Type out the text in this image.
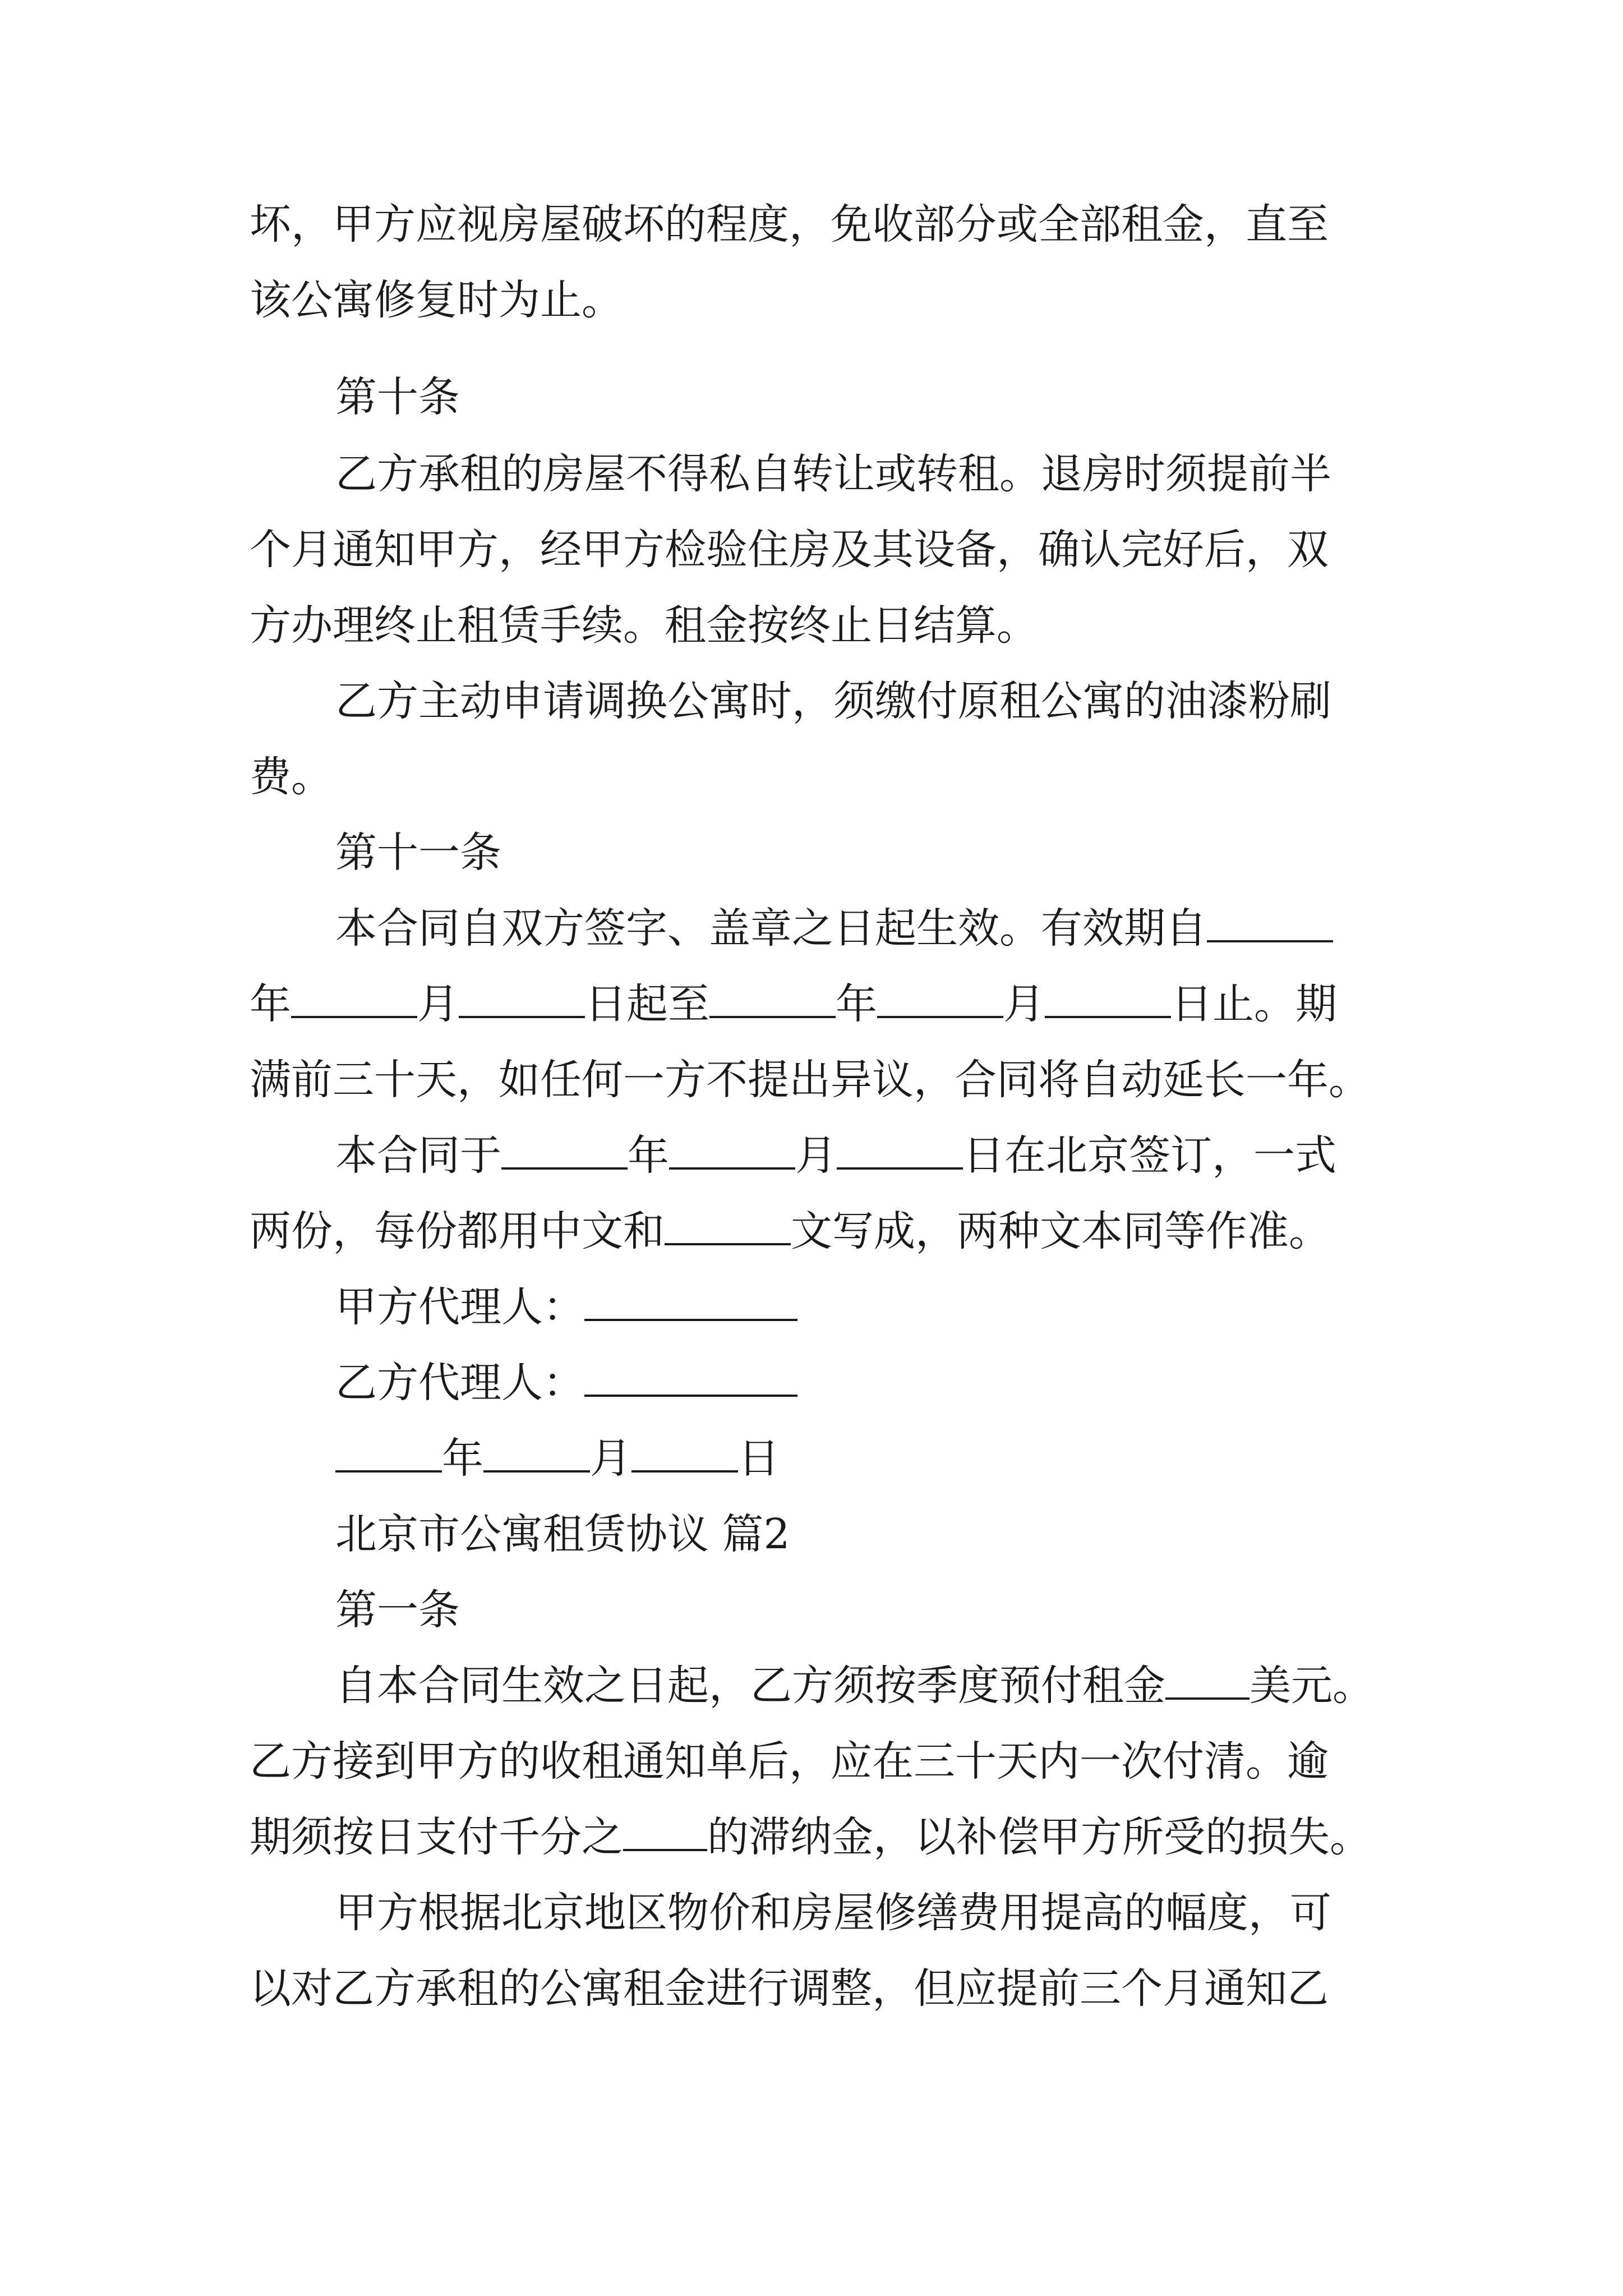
坏，甲方应视房屋破坏的程度，免收部分或全部租金，直至
该公寓修复时为止。
第十条
乙方承租的房屋不得私自转让或转租。退房时须提前半
个月通知甲方，经甲方检验住房及其设备，确认完好后，双
方办理终止租赁手续。租金按终止日结算。
乙方主动申请调换公寓时，须缴付原租公寓的油漆粉刷
费。
第十一条
本合同自双方签字、盖章之日起生效。有效期自
年	月	日起至	年	月	日止。期
满前三十天，如任何一方不提出异议，合同将自动延长一年。
本合同于	年	月	日在北京签订，一式
两份，每份都用中文和	文写成，两种文本同等作准。
甲方代理人：
乙方代理人：
年	月	日
北京市公寓租赁协议 篇2
第一条
自本合同生效之日起，乙方须按季度预付租金 美元。
乙方接到甲方的收租通知单后，应在三十天内一次付清。逾
期须按日支付千分之 的滞纳金，以补偿甲方所受的损失。
甲方根据北京地区物价和房屋修缮费用提高的幅度，可
以对乙方承租的公寓租金进行调整，但应提前三个月通知乙
